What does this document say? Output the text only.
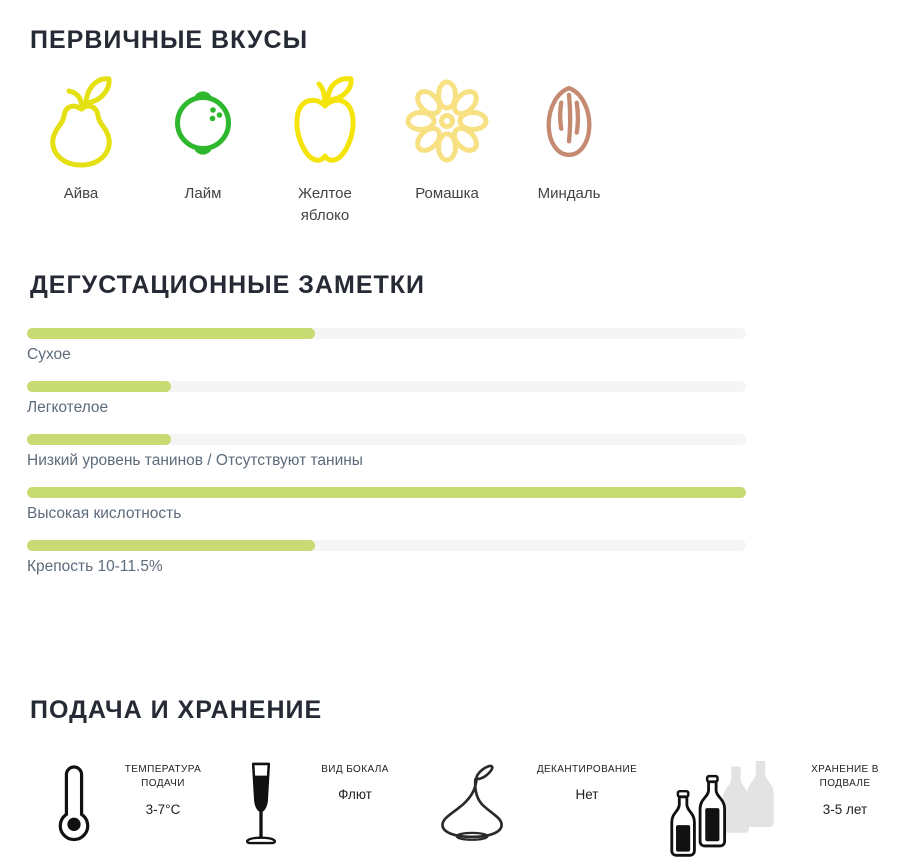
ПЕРВИЧНЫЕ ВКУСЫ
Айва	Лайм	Желтое яблоко
Ромашка	Миндаль
ДЕГУСТАЦИОННЫЕ ЗАМЕТКИ
Сухое
Легкотелое
Низкий уровень танинов / Отсутствуют танины
Высокая кислотность
Крепость 10-11.5%
ПОДАЧА И ХРАНЕНИЕ
ТЕМПЕРАТУРА ПОДАЧИ
3-7°C
ВИД БОКАЛА
Флют
ДЕКАНТИРОВАНИЕ
Нет
ХРАНЕНИЕ В ПОДВАЛЕ
3-5 лет
